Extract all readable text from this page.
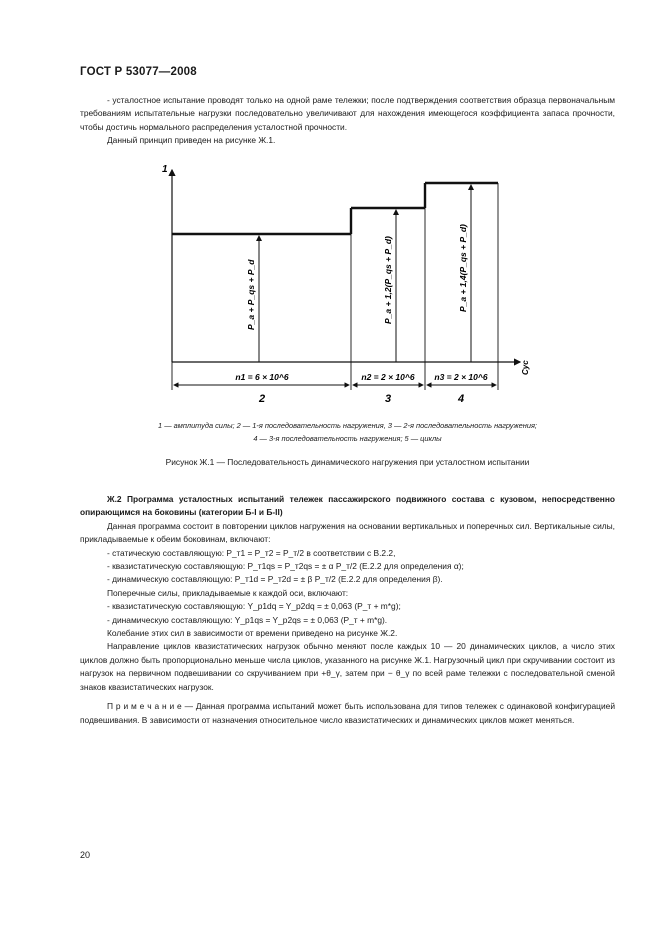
ГОСТ Р 53077—2008

- усталостное испытание проводят только на одной раме тележки; после подтверждения соответствия образца первоначальным требованиям испытательные нагрузки последовательно увеличивают для нахождения имеющегося коэффициента запаса прочности, чтобы достичь нормального распределения усталостной прочности.

Данный принцип приведен на рисунке Ж.1.

1
Cyc
P_a + P_qs + P_d	P_a + 1,2(P_qs + P_d)	P_a + 1,4(P_qs + P_d)
n1 = 6 × 10^6	n2 = 2 × 10^6 n3 = 2 × 10^6
2	3	4
1 — амплитуда силы; 2 — 1-я последовательность нагружения, 3 — 2-я последовательность нагружения;
4 — 3-я последовательность нагружения; 5 — циклы
Рисунок Ж.1 — Последовательность динамического нагружения при усталостном испытании

Ж.2 Программа усталостных испытаний тележек пассажирского подвижного состава с кузовом, непосредственно опирающимся на боковины (категории Б-I и Б-II)

Данная программа состоит в повторении циклов нагружения на основании вертикальных и поперечных сил. Вертикальные силы, прикладываемые к обеим боковинам, включают:

- статическую составляющую: P_т1 = P_т2 = P_т/2 в соответствии с В.2.2,

- квазистатическую составляющую: P_т1qs = P_т2qs = ± α P_т/2 (Е.2.2 для определения α);

- динамическую составляющую: P_т1d = P_т2d = ± β P_т/2 (Е.2.2 для определения β).

Поперечные силы, прикладываемые к каждой оси, включают:

- квазистатическую составляющую: Y_p1dq = Y_p2dq = ± 0,063 (P_т + m*g);

- динамическую составляющую: Y_p1qs = Y_p2qs = ± 0,063 (P_т + m*g).

Колебание этих сил в зависимости от времени приведено на рисунке Ж.2.

Направление циклов квазистатических нагрузок обычно меняют после каждых 10 — 20 динамических циклов, а число этих циклов должно быть пропорционально меньше числа циклов, указанного на рисунке Ж.1. Нагрузочный цикл при скручивании состоит из нагрузок на первичном подвешивании со скручиванием при +θ_γ, затем при − θ_γ по всей раме тележки с последовательной сменой знаков квазистатических нагрузок.

П р и м е ч а н и е — Данная программа испытаний может быть использована для типов тележек с одинаковой конфигурацией подвешивания. В зависимости от назначения относительное число квазистатических и динамических циклов может меняться.

20
